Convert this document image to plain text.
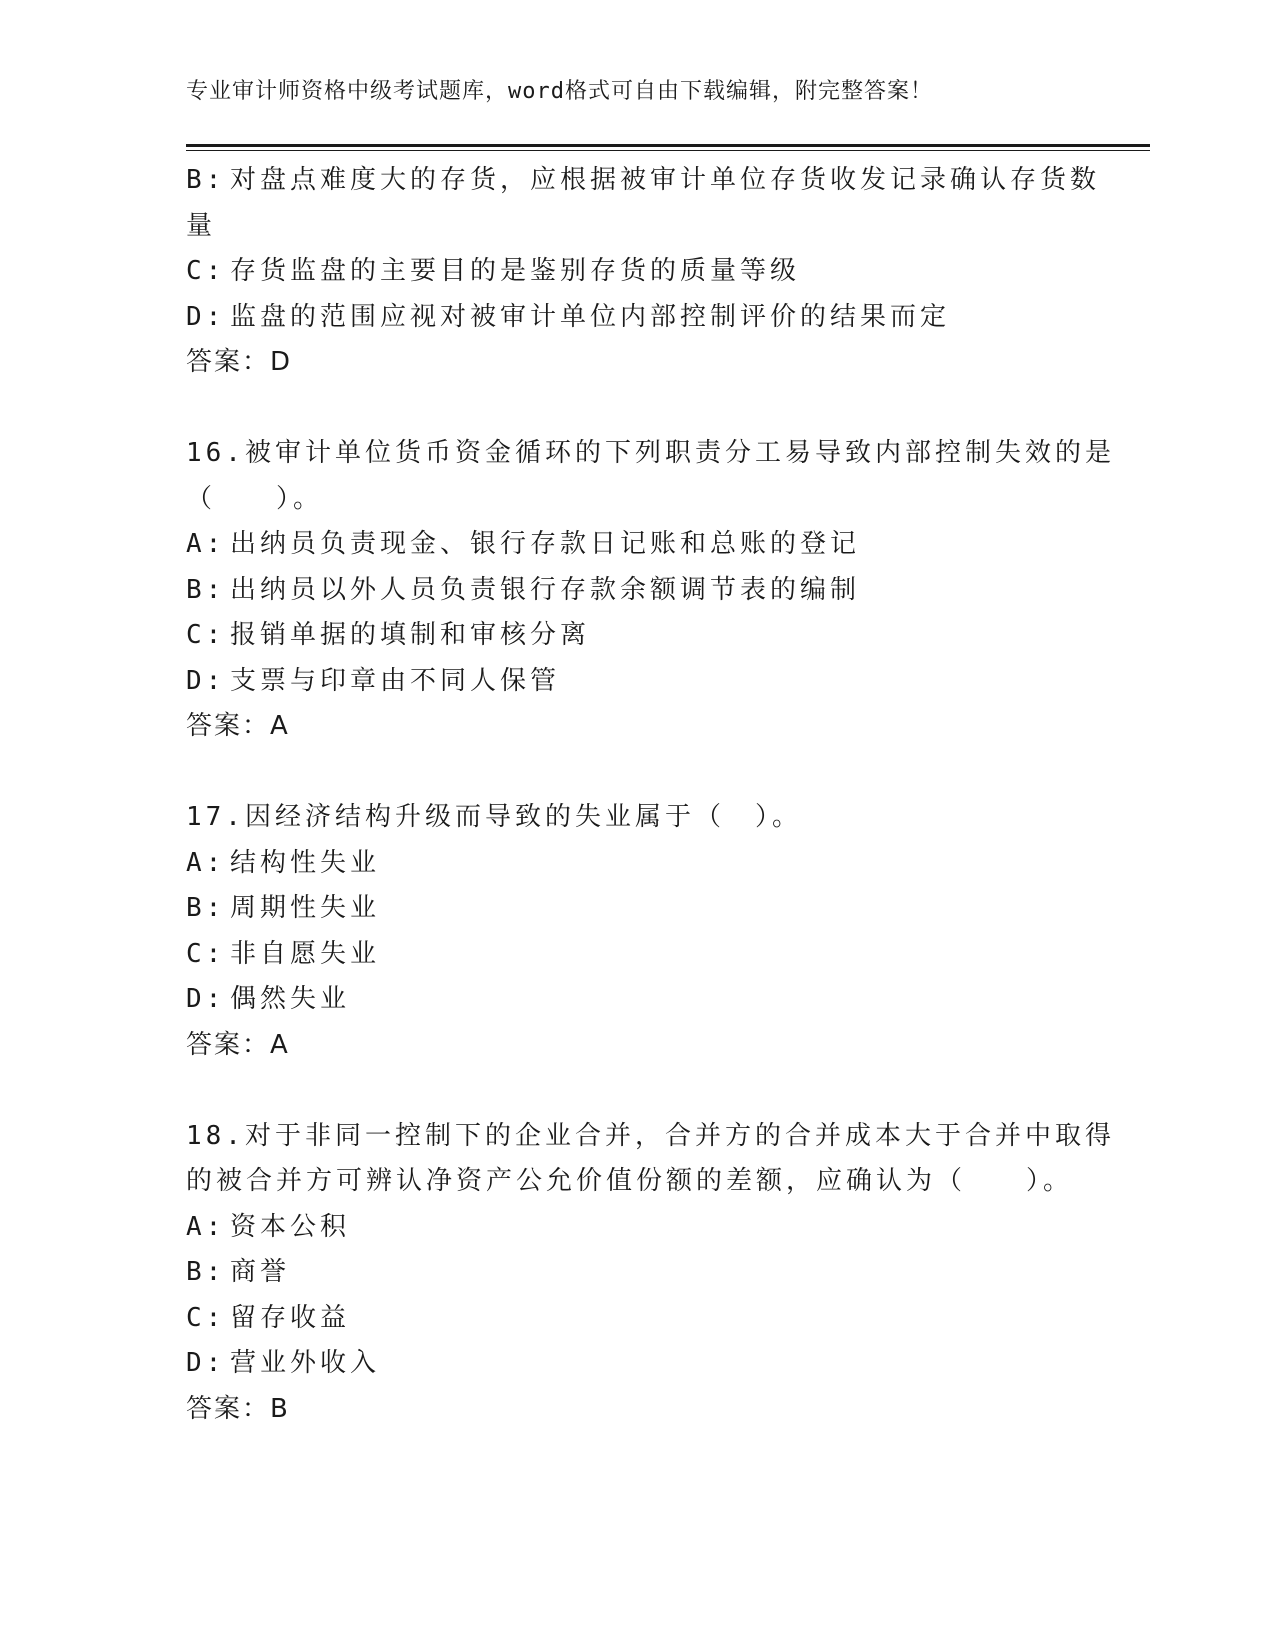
专业审计师资格中级考试题库，word格式可自由下载编辑，附完整答案！
B: 对盘点难度大的存货，应根据被审计单位存货收发记录确认存货数
量
C: 存货监盘的主要目的是鉴别存货的质量等级
D: 监盘的范围应视对被审计单位内部控制评价的结果而定
答案：D
16.被审计单位货币资金循环的下列职责分工易导致内部控制失效的是
（　　）。
A: 出纳员负责现金、银行存款日记账和总账的登记
B: 出纳员以外人员负责银行存款余额调节表的编制
C: 报销单据的填制和审核分离
D: 支票与印章由不同人保管
答案：A
17.因经济结构升级而导致的失业属于（　）。
A: 结构性失业
B: 周期性失业
C: 非自愿失业
D: 偶然失业
答案：A
18.对于非同一控制下的企业合并，合并方的合并成本大于合并中取得
的被合并方可辨认净资产公允价值份额的差额，应确认为（　　）。
A: 资本公积
B: 商誉
C: 留存收益
D: 营业外收入
答案：B
